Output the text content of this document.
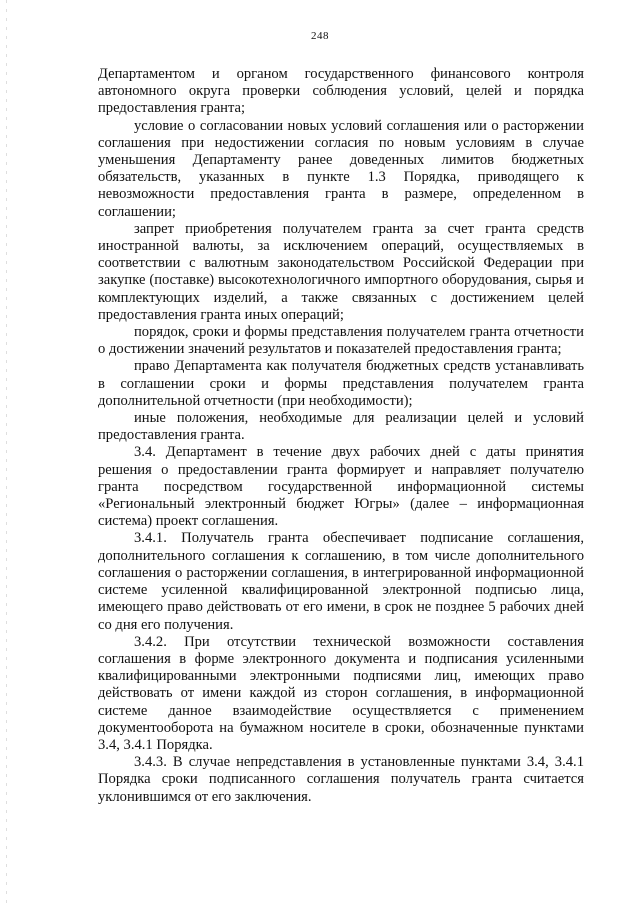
248

Департаментом и органом государственного финансового контроля автономного округа проверки соблюдения условий, целей и порядка предоставления гранта;

условие о согласовании новых условий соглашения или о расторжении соглашения при недостижении согласия по новым условиям в случае уменьшения Департаменту ранее доведенных лимитов бюджетных обязательств, указанных в пункте 1.3 Порядка, приводящего к невозможности предоставления гранта в размере, определенном в соглашении;

запрет приобретения получателем гранта за счет гранта средств иностранной валюты, за исключением операций, осуществляемых в соответствии с валютным законодательством Российской Федерации при закупке (поставке) высокотехнологичного импортного оборудования, сырья и комплектующих изделий, а также связанных с достижением целей предоставления гранта иных операций;

порядок, сроки и формы представления получателем гранта отчетности о достижении значений результатов и показателей предоставления гранта;

право Департамента как получателя бюджетных средств устанавливать в соглашении сроки и формы представления получателем гранта дополнительной отчетности (при необходимости);

иные положения, необходимые для реализации целей и условий предоставления гранта.

3.4. Департамент в течение двух рабочих дней с даты принятия решения о предоставлении гранта формирует и направляет получателю гранта посредством государственной информационной системы «Региональный электронный бюджет Югры» (далее – информационная система) проект соглашения.

3.4.1. Получатель гранта обеспечивает подписание соглашения, дополнительного соглашения к соглашению, в том числе дополнительного соглашения о расторжении соглашения, в интегрированной информационной системе усиленной квалифицированной электронной подписью лица, имеющего право действовать от его имени, в срок не позднее 5 рабочих дней со дня его получения.

3.4.2. При отсутствии технической возможности составления соглашения в форме электронного документа и подписания усиленными квалифицированными электронными подписями лиц, имеющих право действовать от имени каждой из сторон соглашения, в информационной системе данное взаимодействие осуществляется с применением документооборота на бумажном носителе в сроки, обозначенные пунктами 3.4, 3.4.1 Порядка.

3.4.3. В случае непредставления в установленные пунктами 3.4, 3.4.1 Порядка сроки подписанного соглашения получатель гранта считается уклонившимся от его заключения.
